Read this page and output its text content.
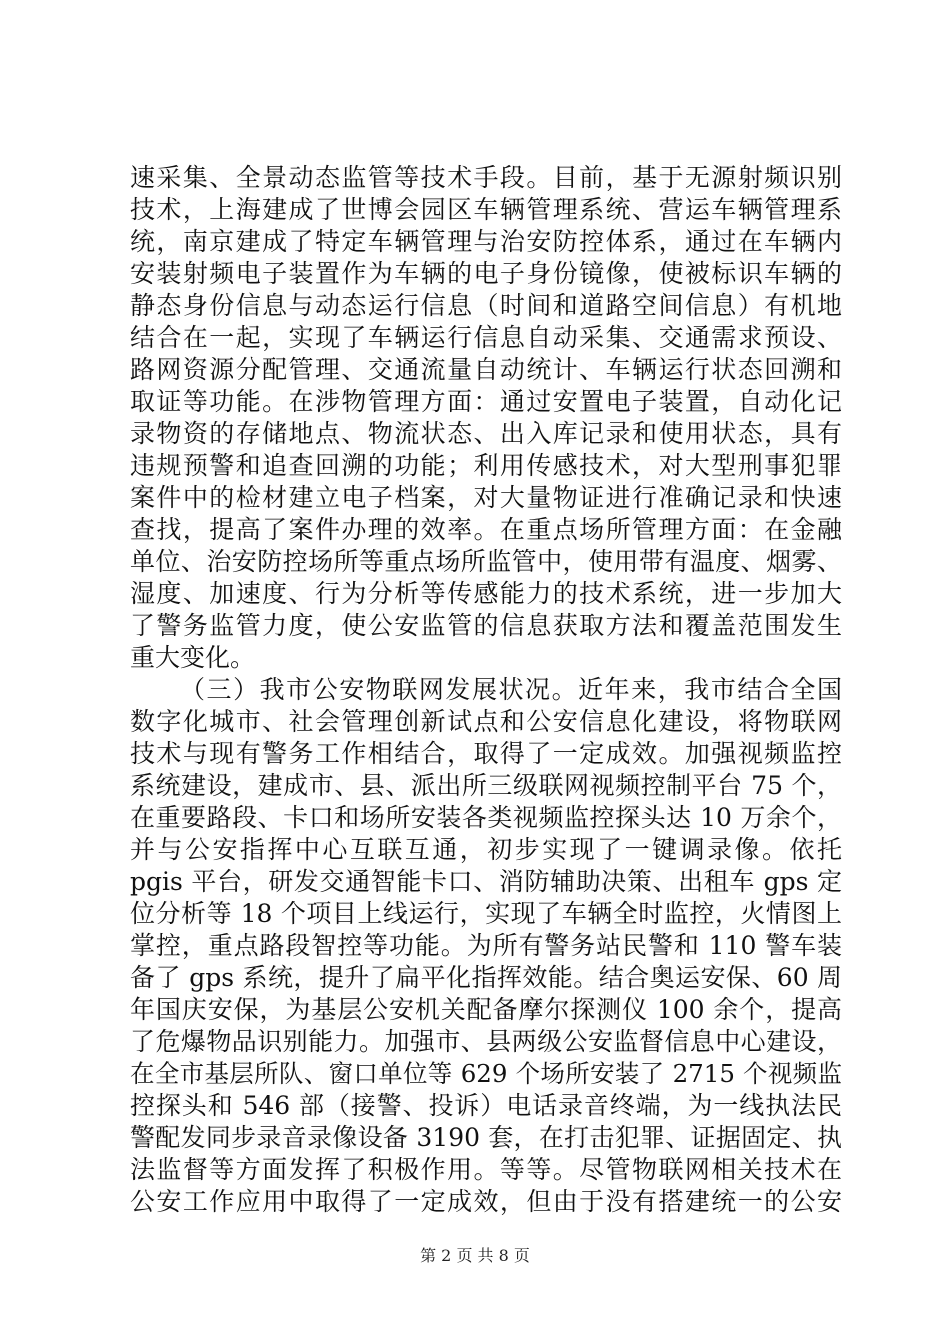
速采集、全景动态监管等技术手段。目前，基于无源射频识别
技术，上海建成了世博会园区车辆管理系统、营运车辆管理系
统，南京建成了特定车辆管理与治安防控体系，通过在车辆内
安装射频电子装置作为车辆的电子身份镜像，使被标识车辆的
静态身份信息与动态运行信息（时间和道路空间信息）有机地
结合在一起，实现了车辆运行信息自动采集、交通需求预设、
路网资源分配管理、交通流量自动统计、车辆运行状态回溯和
取证等功能。在涉物管理方面：通过安置电子装置，自动化记
录物资的存储地点、物流状态、出入库记录和使用状态，具有
违规预警和追查回溯的功能；利用传感技术，对大型刑事犯罪
案件中的检材建立电子档案，对大量物证进行准确记录和快速
查找，提高了案件办理的效率。在重点场所管理方面：在金融
单位、治安防控场所等重点场所监管中，使用带有温度、烟雾、
湿度、加速度、行为分析等传感能力的技术系统，进一步加大
了警务监管力度，使公安监管的信息获取方法和覆盖范围发生
重大变化。
（三）我市公安物联网发展状况。近年来，我市结合全国
数字化城市、社会管理创新试点和公安信息化建设，将物联网
技术与现有警务工作相结合，取得了一定成效。加强视频监控
系统建设，建成市、县、派出所三级联网视频控制平台 75 个，
在重要路段、卡口和场所安装各类视频监控探头达 10 万余个，
并与公安指挥中心互联互通，初步实现了一键调录像。依托
pgis 平台，研发交通智能卡口、消防辅助决策、出租车 gps 定
位分析等 18 个项目上线运行，实现了车辆全时监控，火情图上
掌控，重点路段智控等功能。为所有警务站民警和 110 警车装
备了 gps 系统，提升了扁平化指挥效能。结合奥运安保、60 周
年国庆安保，为基层公安机关配备摩尔探测仪 100 余个，提高
了危爆物品识别能力。加强市、县两级公安监督信息中心建设，
在全市基层所队、窗口单位等 629 个场所安装了 2715 个视频监
控探头和 546 部（接警、投诉）电话录音终端，为一线执法民
警配发同步录音录像设备 3190 套，在打击犯罪、证据固定、执
法监督等方面发挥了积极作用。等等。尽管物联网相关技术在
公安工作应用中取得了一定成效，但由于没有搭建统一的公安
第 2 页 共 8 页
